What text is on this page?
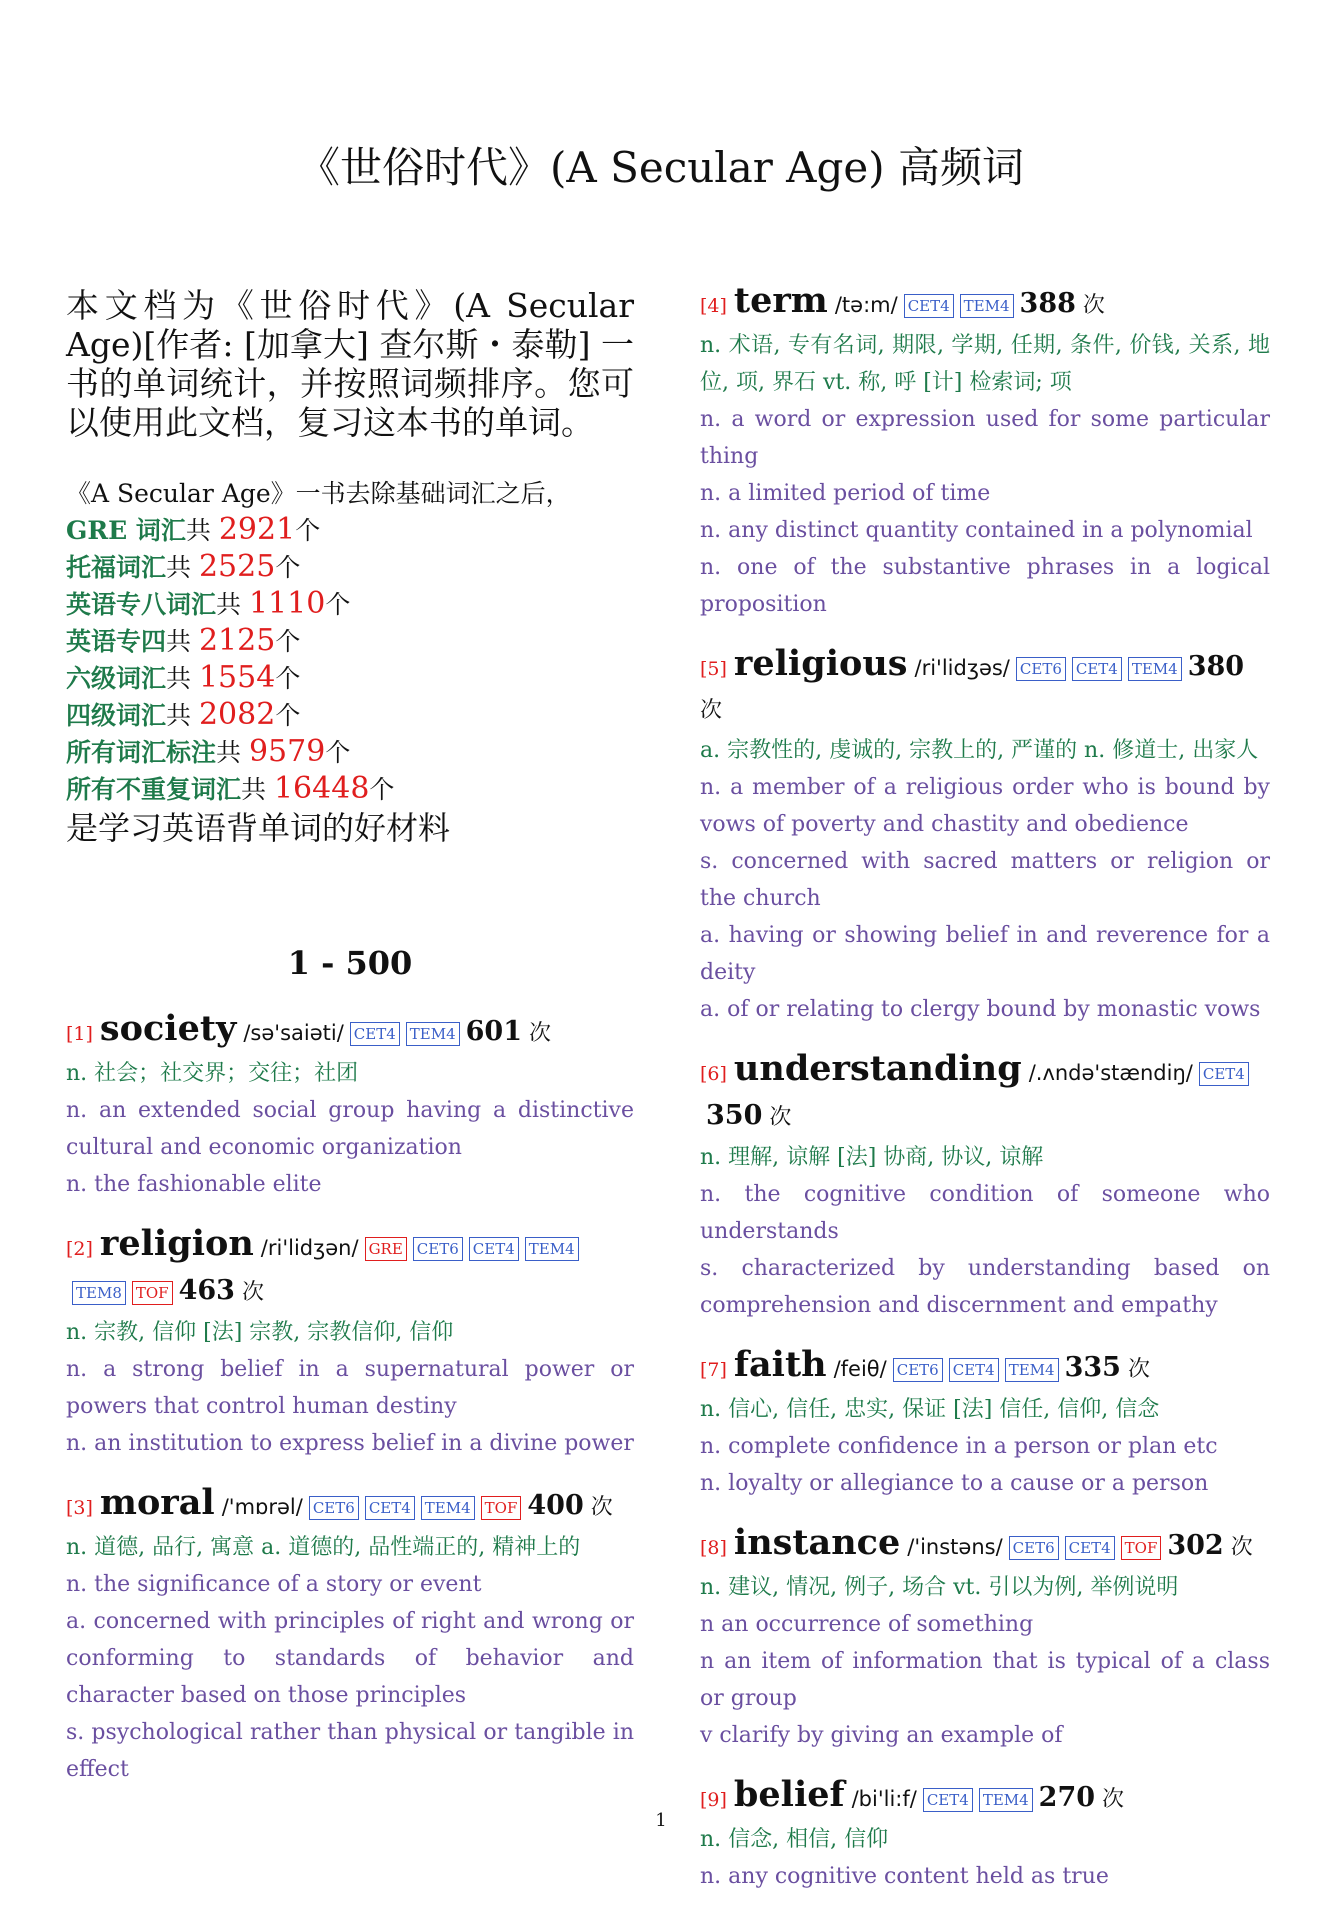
《世俗时代》(A Secular Age) 高频词

本文档为《世俗时代》(A Secular Age)[作者: [加拿大] 查尔斯・泰勒] 一书的单词统计，并按照词频排序。您可以使用此文档，复习这本书的单词。

《A Secular Age》一书去除基础词汇之后，
GRE 词汇共 2921个
托福词汇共 2525个
英语专八词汇共 1110个
英语专四共 2125个
六级词汇共 1554个
四级词汇共 2082个
所有词汇标注共 9579个
所有不重复词汇共 16448个
是学习英语背单词的好材料
1 - 500
[1] society /sə'saiəti/ CET4 TEM4 601 次

n. 社会；社交界；交往；社团

n. an extended social group having a distinctive cultural and economic organization

n. the fashionable elite

[2] religion /ri'lidʒən/ GRE CET6 CET4 TEM4TEM8 TOF 463 次

n. 宗教, 信仰 [法] 宗教, 宗教信仰, 信仰

n. a strong belief in a supernatural power or powers that control human destiny

n. an institution to express belief in a divine power

[3] moral /'mɒrəl/ CET6 CET4 TEM4 TOF 400 次

n. 道德, 品行, 寓意 a. 道德的, 品性端正的, 精神上的

n. the significance of a story or event

a. concerned with principles of right and wrong or conforming to standards of behavior and character based on those principles

s. psychological rather than physical or tangible in effect

[4] term /tə:m/ CET4 TEM4 388 次

n. 术语, 专有名词, 期限, 学期, 任期, 条件, 价钱, 关系, 地位, 项, 界石 vt. 称, 呼 [计] 检索词; 项

n. a word or expression used for some particular thing

n. a limited period of time

n. any distinct quantity contained in a polynomial

n. one of the substantive phrases in a logical proposition

[5] religious /ri'lidʒəs/ CET6 CET4 TEM4 380 次

a. 宗教性的, 虔诚的, 宗教上的, 严谨的 n. 修道士, 出家人

n. a member of a religious order who is bound by vows of poverty and chastity and obedience

s. concerned with sacred matters or religion or the church

a. having or showing belief in and reverence for a deity

a. of or relating to clergy bound by monastic vows

[6] understanding /.ʌndə'stændiŋ/ CET4350 次

n. 理解, 谅解 [法] 协商, 协议, 谅解

n. the cognitive condition of someone who understands

s. characterized by understanding based on comprehension and discernment and empathy

[7] faith /feiθ/ CET6 CET4 TEM4 335 次

n. 信心, 信任, 忠实, 保证 [法] 信任, 信仰, 信念

n. complete confidence in a person or plan etc

n. loyalty or allegiance to a cause or a person

[8] instance /'instəns/ CET6 CET4 TOF 302 次

n. 建议, 情况, 例子, 场合 vt. 引以为例, 举例说明

n an occurrence of something

n an item of information that is typical of a class or group

v clarify by giving an example of

[9] belief /bi'li:f/ CET4 TEM4 270 次

n. 信念, 相信, 信仰

n. any cognitive content held as true

1
